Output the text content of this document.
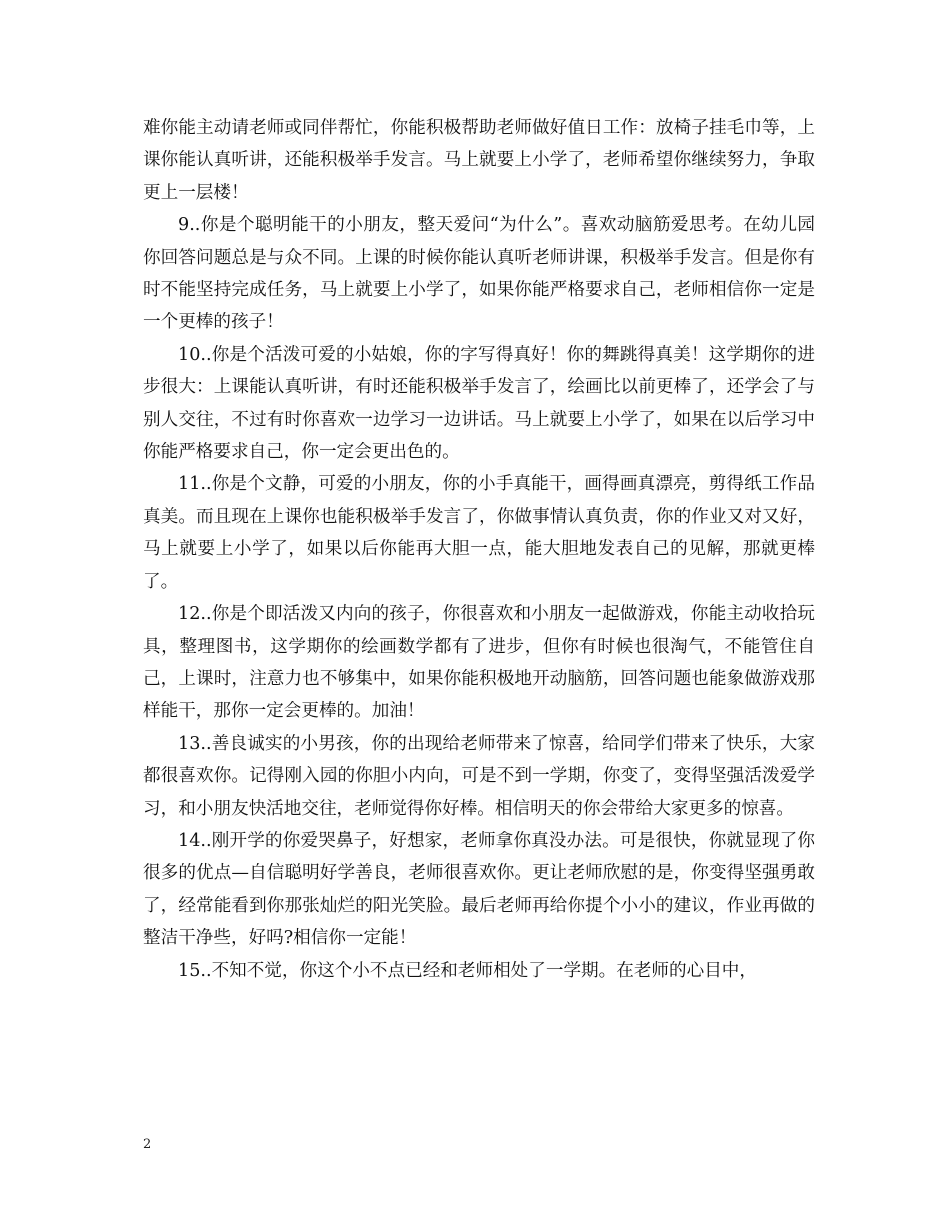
难你能主动请老师或同伴帮忙，你能积极帮助老师做好值日工作：放椅子挂毛巾等，上课你能认真听讲，还能积极举手发言。马上就要上小学了，老师希望你继续努力，争取更上一层楼！

9..你是个聪明能干的小朋友，整天爱问“为什么”。喜欢动脑筋爱思考。在幼儿园你回答问题总是与众不同。上课的时候你能认真听老师讲课，积极举手发言。但是你有时不能坚持完成任务，马上就要上小学了，如果你能严格要求自己，老师相信你一定是一个更棒的孩子！

10..你是个活泼可爱的小姑娘，你的字写得真好！你的舞跳得真美！这学期你的进步很大：上课能认真听讲，有时还能积极举手发言了，绘画比以前更棒了，还学会了与别人交往，不过有时你喜欢一边学习一边讲话。马上就要上小学了，如果在以后学习中你能严格要求自己，你一定会更出色的。

11..你是个文静，可爱的小朋友，你的小手真能干，画得画真漂亮，剪得纸工作品真美。而且现在上课你也能积极举手发言了，你做事情认真负责，你的作业又对又好，马上就要上小学了，如果以后你能再大胆一点，能大胆地发表自己的见解，那就更棒了。

12..你是个即活泼又内向的孩子，你很喜欢和小朋友一起做游戏，你能主动收拾玩具，整理图书，这学期你的绘画数学都有了进步，但你有时候也很淘气，不能管住自己，上课时，注意力也不够集中，如果你能积极地开动脑筋，回答问题也能象做游戏那样能干，那你一定会更棒的。加油！

13..善良诚实的小男孩，你的出现给老师带来了惊喜，给同学们带来了快乐，大家都很喜欢你。记得刚入园的你胆小内向，可是不到一学期，你变了，变得坚强活泼爱学习，和小朋友快活地交往，老师觉得你好棒。相信明天的你会带给大家更多的惊喜。

14..刚开学的你爱哭鼻子，好想家，老师拿你真没办法。可是很快，你就显现了你很多的优点—自信聪明好学善良，老师很喜欢你。更让老师欣慰的是，你变得坚强勇敢了，经常能看到你那张灿烂的阳光笑脸。最后老师再给你提个小小的建议，作业再做的整洁干净些，好吗?相信你一定能！

15..不知不觉，你这个小不点已经和老师相处了一学期。在老师的心目中，

2
